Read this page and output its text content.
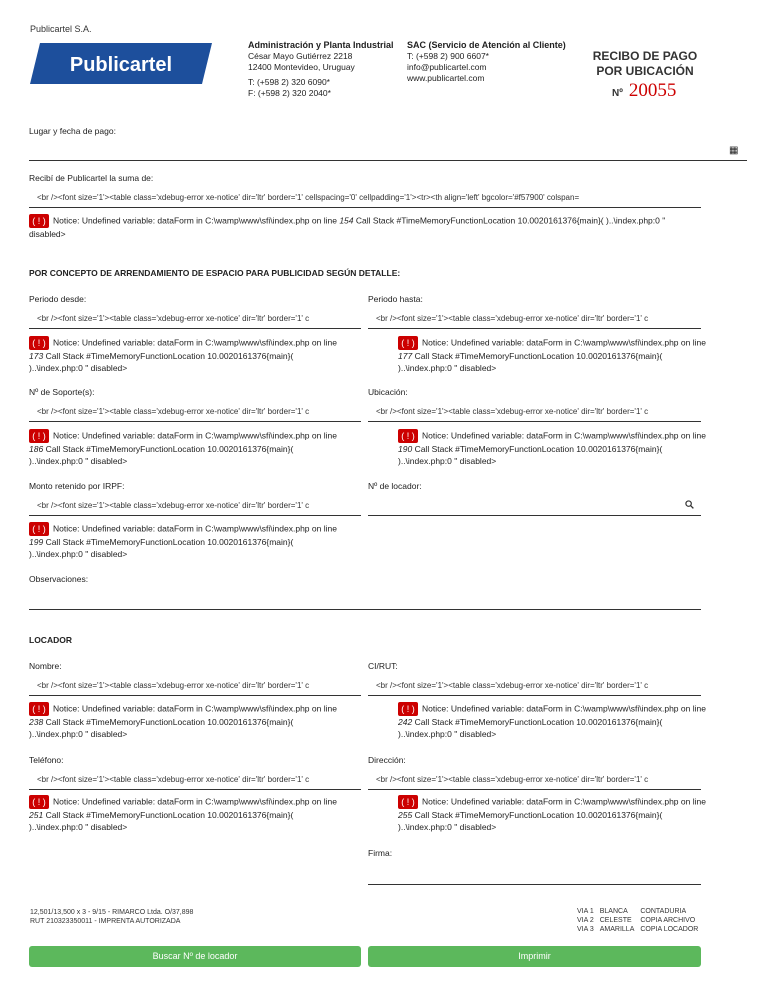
Publicartel S.A.
Publicartel
Administración y Planta Industrial
César Mayo Gutiérrez 2218
12400 Montevideo, Uruguay
T: (+598 2) 320 6090*
F: (+598 2) 320 2040*
SAC (Servicio de Atención al Cliente)
T: (+598 2) 900 6607*
info@publicartel.com
www.publicartel.com
RECIBO DE PAGO
POR UBICACIÓN
Nº 20055
Lugar y fecha de pago:
▦
Recibí de Publicartel la suma de:
<br /><font size='1'><table class='xdebug-error xe-notice' dir='ltr' border='1' cellspacing='0' cellpadding='1'><tr><th align='left' bgcolor='#f57900' colspan=
( ! ) Notice: Undefined variable: dataForm in C:\wamp\www\sfi\index.php on line 154 Call Stack #TimeMemoryFunctionLocation 10.0020161376{main}( )..\index.php:0 "
disabled>
POR CONCEPTO DE ARRENDAMIENTO DE ESPACIO PARA PUBLICIDAD SEGÚN DETALLE:
Periodo desde:
<br /><font size='1'><table class='xdebug-error xe-notice' dir='ltr' border='1' c
( ! ) Notice: Undefined variable: dataForm in C:\wamp\www\sfi\index.php on line
173 Call Stack #TimeMemoryFunctionLocation 10.0020161376{main}(
)..\index.php:0 " disabled>
Periodo hasta:
<br /><font size='1'><table class='xdebug-error xe-notice' dir='ltr' border='1' c
( ! ) Notice: Undefined variable: dataForm in C:\wamp\www\sfi\index.php on line
177 Call Stack #TimeMemoryFunctionLocation 10.0020161376{main}(
)..\index.php:0 " disabled>
Nº de Soporte(s):
<br /><font size='1'><table class='xdebug-error xe-notice' dir='ltr' border='1' c
( ! ) Notice: Undefined variable: dataForm in C:\wamp\www\sfi\index.php on line
186 Call Stack #TimeMemoryFunctionLocation 10.0020161376{main}(
)..\index.php:0 " disabled>
Ubicación:
<br /><font size='1'><table class='xdebug-error xe-notice' dir='ltr' border='1' c
( ! ) Notice: Undefined variable: dataForm in C:\wamp\www\sfi\index.php on line
190 Call Stack #TimeMemoryFunctionLocation 10.0020161376{main}(
)..\index.php:0 " disabled>
Monto retenido por IRPF:
<br /><font size='1'><table class='xdebug-error xe-notice' dir='ltr' border='1' c
( ! ) Notice: Undefined variable: dataForm in C:\wamp\www\sfi\index.php on line
199 Call Stack #TimeMemoryFunctionLocation 10.0020161376{main}(
)..\index.php:0 " disabled>
Nº de locador:
Observaciones:
LOCADOR
Nombre:
<br /><font size='1'><table class='xdebug-error xe-notice' dir='ltr' border='1' c
( ! ) Notice: Undefined variable: dataForm in C:\wamp\www\sfi\index.php on line
238 Call Stack #TimeMemoryFunctionLocation 10.0020161376{main}(
)..\index.php:0 " disabled>
CI/RUT:
<br /><font size='1'><table class='xdebug-error xe-notice' dir='ltr' border='1' c
( ! ) Notice: Undefined variable: dataForm in C:\wamp\www\sfi\index.php on line
242 Call Stack #TimeMemoryFunctionLocation 10.0020161376{main}(
)..\index.php:0 " disabled>
Teléfono:
<br /><font size='1'><table class='xdebug-error xe-notice' dir='ltr' border='1' c
( ! ) Notice: Undefined variable: dataForm in C:\wamp\www\sfi\index.php on line
251 Call Stack #TimeMemoryFunctionLocation 10.0020161376{main}(
)..\index.php:0 " disabled>
Dirección:
<br /><font size='1'><table class='xdebug-error xe-notice' dir='ltr' border='1' c
( ! ) Notice: Undefined variable: dataForm in C:\wamp\www\sfi\index.php on line
255 Call Stack #TimeMemoryFunctionLocation 10.0020161376{main}(
)..\index.php:0 " disabled>
Firma:
12,501/13,500 x 3 - 9/15 - RIMARCO Ltda. O/37,898
RUT 210323350011 - IMPRENTA AUTORIZADA
VIA 1	BLANCA	CONTADURIA
VIA 2	CELESTE	COPIA ARCHIVO
VIA 3	AMARILLA	COPIA LOCADOR
Buscar Nº de locador	Imprimir
